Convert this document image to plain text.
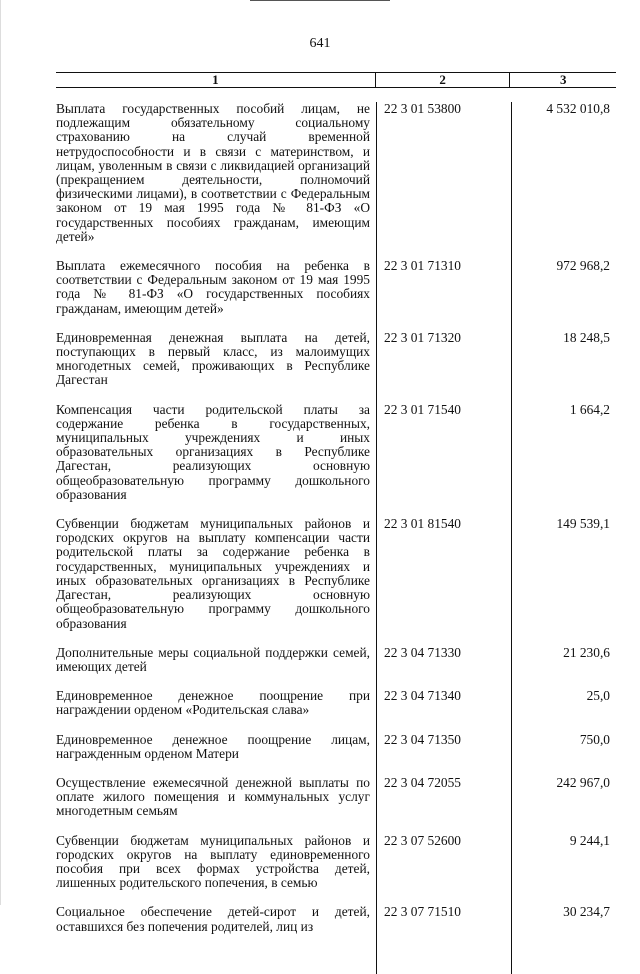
641
1	2	3
Выплата государственных пособий лицам, не подлежащим обязательному социальному страхованию на случай временной нетрудоспособности и в связи с материнством, и лицам, уволенным в связи с ликвидацией организаций (прекращением деятельности, полномочий физическими лицами), в соответствии с Федеральным законом от 19 мая 1995 года № 81-ФЗ «О государственных пособиях гражданам, имеющим детей»
22 3 01 53800	4 532 010,8
Выплата ежемесячного пособия на ребенка в соответствии с Федеральным законом от 19 мая 1995 года № 81-ФЗ «О государственных пособиях гражданам, имеющим детей»
22 3 01 71310	972 968,2
Единовременная денежная выплата на детей, поступающих в первый класс, из малоимущих многодетных семей, проживающих в Республике Дагестан
22 3 01 71320	18 248,5
Компенсация части родительской платы за содержание ребенка в государственных, муниципальных учреждениях и иных образовательных организациях в Республике Дагестан, реализующих основную общеобразовательную программу дошкольного образования
22 3 01 71540	1 664,2
Субвенции бюджетам муниципальных районов и городских округов на выплату компенсации части родительской платы за содержание ребенка в государственных, муниципальных учреждениях и иных образовательных организациях в Республике Дагестан, реализующих основную общеобразовательную программу дошкольного образования
22 3 01 81540	149 539,1
Дополнительные меры социальной поддержки семей, имеющих детей
22 3 04 71330	21 230,6
Единовременное денежное поощрение при награждении орденом «Родительская слава»
22 3 04 71340	25,0
Единовременное денежное поощрение лицам, награжденным орденом Матери
22 3 04 71350	750,0
Осуществление ежемесячной денежной выплаты по оплате жилого помещения и коммунальных услуг многодетным семьям
22 3 04 72055	242 967,0
Субвенции бюджетам муниципальных районов и городских округов на выплату единовременного пособия при всех формах устройства детей, лишенных родительского попечения, в семью
22 3 07 52600	9 244,1
Социальное обеспечение детей-сирот и детей, оставшихся без попечения родителей, лиц из
22 3 07 71510	30 234,7
